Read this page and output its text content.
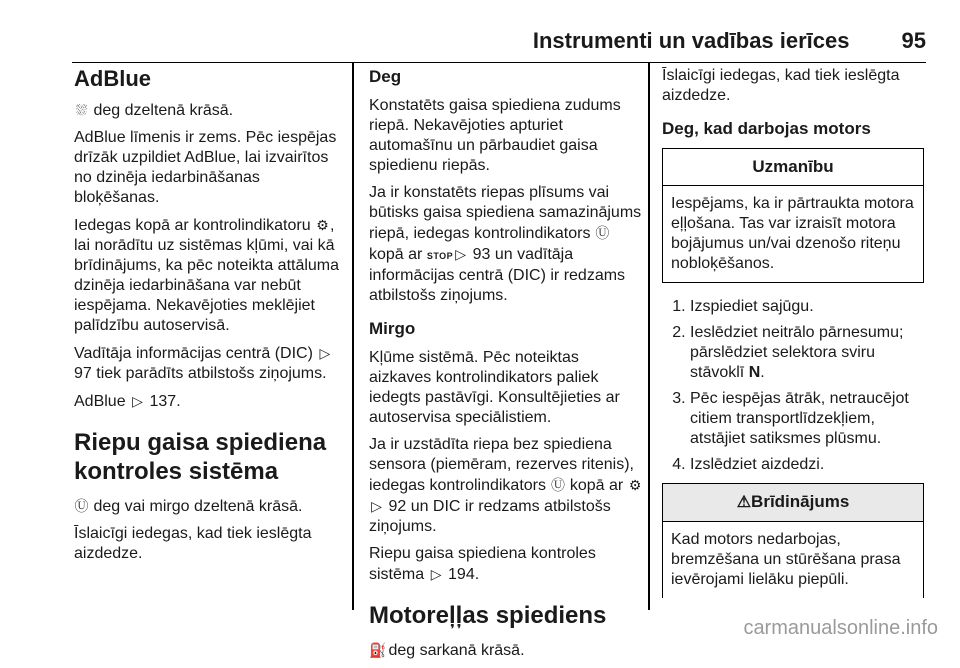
Instrumenti un vadības ierīces 95
AdBlue

⛆ deg dzeltenā krāsā.

AdBlue līmenis ir zems. Pēc iespējas drīzāk uzpildiet AdBlue, lai izvairītos no dzinēja iedarbināšanas bloķēšanas.

Iedegas kopā ar kontrolindikatoru ⚙, lai norādītu uz sistēmas kļūmi, vai kā brīdinājums, ka pēc noteikta attāluma dzinēja iedarbināšana var nebūt iespējama. Nekavējoties meklējiet palīdzību autoservisā.

Vadītāja informācijas centrā (DIC) ▷ 97 tiek parādīts atbilstošs ziņojums.

AdBlue ▷ 137.

Riepu gaisa spiediena kontroles sistēma

Ⓤ deg vai mirgo dzeltenā krāsā.

Īslaicīgi iedegas, kad tiek ieslēgta aizdedze.

Deg

Konstatēts gaisa spiediena zudums riepā. Nekavējoties apturiet automašīnu un pārbaudiet gaisa spiedienu riepās.

Ja ir konstatēts riepas plīsums vai būtisks gaisa spiediena samazinājums riepā, iedegas kontrolindikators Ⓤ kopā ar STOP ▷ 93 un vadītāja informācijas centrā (DIC) ir redzams atbilstošs ziņojums.

Mirgo

Kļūme sistēmā. Pēc noteiktas aizkaves kontrolindikators paliek iedegts pastāvīgi. Konsultējieties ar autoservisa speciālistiem.

Ja ir uzstādīta riepa bez spiediena sensora (piemēram, rezerves ritenis), iedegas kontrolindikators Ⓤ kopā ar ⚙▷ 92 un DIC ir redzams atbilstošs ziņojums.

Riepu gaisa spiediena kontroles sistēma ▷ 194.

Motoreļļas spiediens

⛽ deg sarkanā krāsā.

Īslaicīgi iedegas, kad tiek ieslēgta aizdedze.

Deg, kad darbojas motors
Uzmanību
Iespējams, ka ir pārtraukta motora eļļošana. Tas var izraisīt motora bojājumus un/vai dzenošo riteņu nobloķēšanos.
1. Izspiediet sajūgu.
2. Ieslēdziet neitrālo pārnesumu; pārslēdziet selektora sviru stāvoklī N.
3. Pēc iespējas ātrāk, netraucējot citiem transportlīdzekļiem, atstājiet satiksmes plūsmu.
4. Izslēdziet aizdedzi.
⚠Brīdinājums
Kad motors nedarbojas, bremzēšana un stūrēšana prasa ievērojami lielāku piepūli.
carmanualsonline.info
